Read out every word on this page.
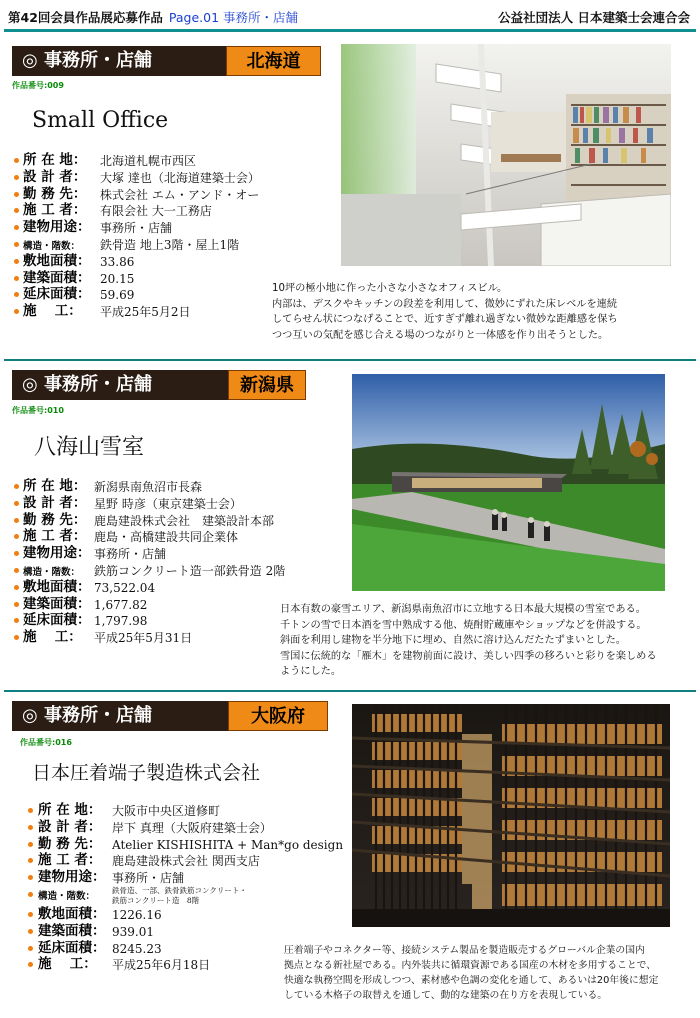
第42回会員作品展応募作品 Page.01 事務所・店舗	公益社団法人 日本建築士会連合会
◎ 事務所・店舗	北海道
作品番号:009
Small Office
所 在 地： 北海道札幌市西区
設 計 者： 大塚 達也（北海道建築士会）
勤 務 先： 株式会社 エム・アンド・オー
施 工 者： 有限会社 大一工務店
建物用途： 事務所・店舗
構造・階数： 鉄骨造 地上3階・屋上1階
敷地面積： 33.86
建築面積： 20.15
延床面積： 59.69
施　 工： 平成25年5月2日

10坪の極小地に作った小さな小さなオフィスビル。

内部は、デスクやキッチンの段差を利用して、微妙にずれた床レベルを連続

してらせん状につなげることで、近すぎず離れ過ぎない微妙な距離感を保ち

つつ互いの気配を感じ合える場のつながりと一体感を作り出そうとした。

◎ 事務所・店舗	新潟県
作品番号:010
八海山雪室
所 在 地： 新潟県南魚沼市長森
設 計 者： 星野 時彦（東京建築士会）
勤 務 先： 鹿島建設株式会社　建築設計本部
施 工 者： 鹿島・高橋建設共同企業体
建物用途： 事務所・店舗
構造・階数： 鉄筋コンクリート造一部鉄骨造 2階
敷地面積： 73,522.04
建築面積： 1,677.82
延床面積： 1,797.98
施　 工： 平成25年5月31日

日本有数の豪雪エリア、新潟県南魚沼市に立地する日本最大規模の雪室である。

千トンの雪で日本酒を雪中熟成する他、焼酎貯蔵庫やショップなどを併設する。

斜面を利用し建物を半分地下に埋め、自然に溶け込んだたたずまいとした。

雪国に伝統的な「雁木」を建物前面に設け、美しい四季の移ろいと彩りを楽しめる

ようにした。

◎ 事務所・店舗	大阪府
作品番号:016
日本圧着端子製造株式会社
所 在 地： 大阪市中央区道修町
設 計 者： 岸下 真理（大阪府建築士会）
勤 務 先： Atelier KISHISHITA + Man*go design
施 工 者： 鹿島建設株式会社 関西支店
建物用途： 事務所・店舗
構造・階数：
鉄骨造、一部、鉄骨鉄筋コンクリート・
鉄筋コンクリート造　8階
敷地面積： 1226.16
建築面積： 939.01
延床面積： 8245.23
施　 工： 平成25年6月18日

圧着端子やコネクター等、接続システム製品を製造販売するグローバル企業の国内

拠点となる新社屋である。内外装共に循環資源である国産の木材を多用することで、

快適な執務空間を形成しつつ、素材感や色調の変化を通して、あるいは20年後に想定

している木格子の取替えを通して、動的な建築の在り方を表現している。
